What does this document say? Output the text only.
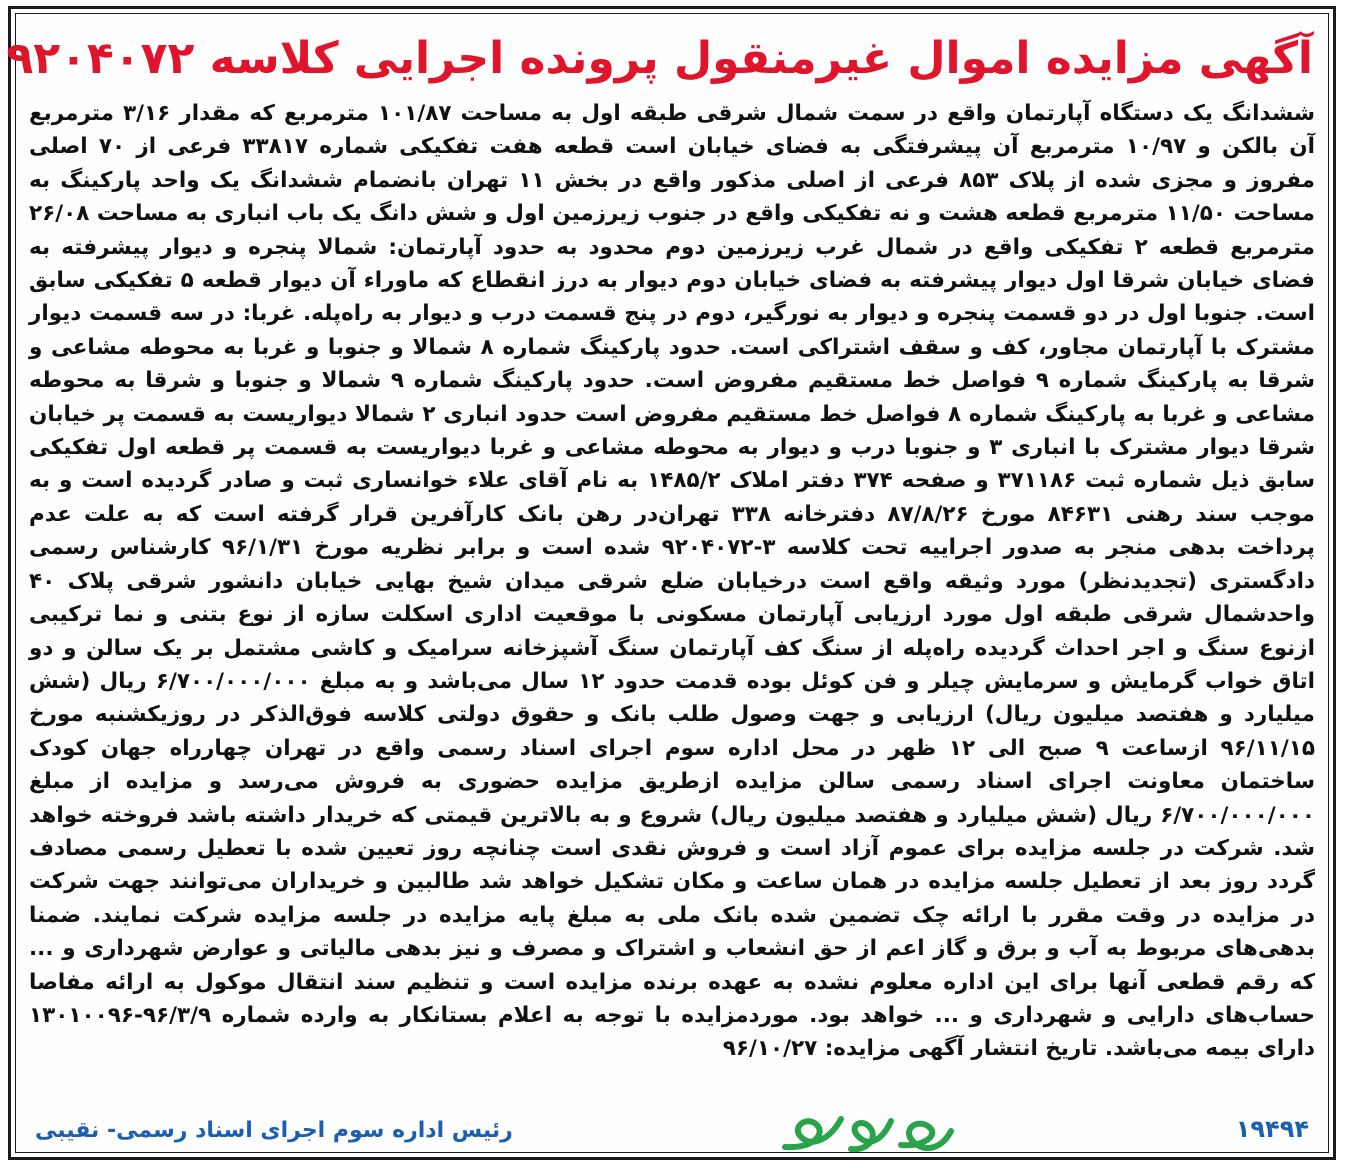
آگهی مزایده اموال غیرمنقول پرونده اجرایی کلاسه ۹۲۰۴۰۷۲
ششدانگ یک دستگاه آپارتمان واقع در سمت شمال شرقی طبقه اول به مساحت ۱۰۱/۸۷ مترمربع که مقدار ۳/۱۶ مترمربع آن بالکن و ۱۰/۹۷ مترمربع آن پیشرفتگی به فضای خیابان است قطعه هفت تفکیکی شماره ۳۳۸۱۷ فرعی از ۷۰ اصلی مفروز و مجزی شده از پلاک ۸۵۳ فرعی از اصلی مذکور واقع در بخش ۱۱ تهران بانضمام ششدانگ یک واحد پارکینگ به مساحت ۱۱/۵۰ مترمربع قطعه هشت و نه تفکیکی واقع در جنوب زیرزمین اول و شش دانگ یک باب انباری به مساحت ۲۶/۰۸ مترمربع قطعه ۲ تفکیکی واقع در شمال غرب زیرزمین دوم محدود به حدود آپارتمان: شمالا پنجره و دیوار پیشرفته به فضای خیابان شرقا اول دیوار پیشرفته به فضای خیابان دوم دیوار به درز انقطاع که ماوراء آن دیوار قطعه ۵ تفکیکی سابق است. جنوبا اول در دو قسمت پنجره و دیوار به نورگیر، دوم در پنج قسمت درب و دیوار به راه‌پله. غربا: در سه قسمت دیوار مشترک با آپارتمان مجاور، کف و سقف اشتراکی است. حدود پارکینگ شماره ۸ شمالا و جنوبا و غربا به محوطه مشاعی و شرقا به پارکینگ شماره ۹ فواصل خط مستقیم مفروض است. حدود پارکینگ شماره ۹ شمالا و جنوبا و شرقا به محوطه مشاعی و غربا به پارکینگ شماره ۸ فواصل خط مستقیم مفروض است حدود انباری ۲ شمالا دیواریست به قسمت پر خیابان شرقا دیوار مشترک با انباری ۳ و جنوبا درب و دیوار به محوطه مشاعی و غربا دیواریست به قسمت پر قطعه اول تفکیکی سابق ذیل شماره ثبت ۳۷۱۱۸۶ و صفحه ۳۷۴ دفتر املاک ۱۴۸۵/۲ به نام آقای علاء خوانساری ثبت و صادر گردیده است و به موجب سند رهنی ۸۴۶۳۱ مورخ ۸۷/۸/۲۶ دفترخانه ۳۳۸ تهران‌در رهن بانک کارآفرین قرار گرفته است که به علت عدم پرداخت بدهی منجر به صدور اجراییه تحت کلاسه ۳-۹۲۰۴۰۷۲ شده است و برابر نظریه مورخ ۹۶/۱/۳۱ کارشناس رسمی دادگستری (تجدیدنظر) مورد وثیقه واقع است درخیابان ضلع شرقی میدان شیخ بهایی خیابان دانشور شرقی پلاک ۴۰ واحدشمال شرقی طبقه اول مورد ارزیابی آپارتمان مسکونی با موقعیت اداری اسکلت سازه از نوع بتنی و نما ترکیبی ازنوع سنگ و اجر احداث گردیده راه‌پله از سنگ کف آپارتمان سنگ آشپزخانه سرامیک و کاشی مشتمل بر یک سالن و دو اتاق خواب گرمایش و سرمایش چیلر و فن کوئل بوده قدمت حدود ۱۲ سال می‌باشد و به مبلغ ۶/۷۰۰/۰۰۰/۰۰۰ ریال (شش میلیارد و هفتصد میلیون ریال) ارزیابی و جهت وصول طلب بانک و حقوق دولتی کلاسه فوق‌الذکر در روزیکشنبه مورخ ۹۶/۱۱/۱۵ ازساعت ۹ صبح الی ۱۲ ظهر در محل اداره سوم اجرای اسناد رسمی واقع در تهران چهارراه جهان کودک ساختمان معاونت اجرای اسناد رسمی سالن مزایده ازطریق مزایده حضوری به فروش می‌رسد و مزایده از مبلغ ۶/۷۰۰/۰۰۰/۰۰۰ ریال (شش میلیارد و هفتصد میلیون ریال) شروع و به بالاترین قیمتی که خریدار داشته باشد فروخته خواهد شد. شرکت در جلسه مزایده برای عموم آزاد است و فروش نقدی است چنانچه روز تعیین شده با تعطیل رسمی مصادف گردد روز بعد از تعطیل جلسه مزایده در همان ساعت و مکان تشکیل خواهد شد طالبین و خریداران می‌توانند جهت شرکت در مزایده در وقت مقرر با ارائه چک تضمین شده بانک ملی به مبلغ پایه مزایده در جلسه مزایده شرکت نمایند. ضمنا بدهی‌های مربوط به آب و برق و گاز اعم از حق انشعاب و اشتراک و مصرف و نیز بدهی مالیاتی و عوارض شهرداری و ... که رقم قطعی آنها برای این اداره معلوم نشده به عهده برنده مزایده است و تنظیم سند انتقال موکول به ارائه مفاصا حساب‌های دارایی و شهرداری و ... خواهد بود. موردمزایده با توجه به اعلام بستانکار به وارده شماره ۹۶/۳/۹-۱۳۰۱۰۰۹۶ دارای بیمه می‌باشد. تاریخ انتشار آگهی مزایده: ۹۶/۱۰/۲۷
رئیس اداره سوم اجرای اسناد رسمی- نقیبی	۱۹۴۹۴
